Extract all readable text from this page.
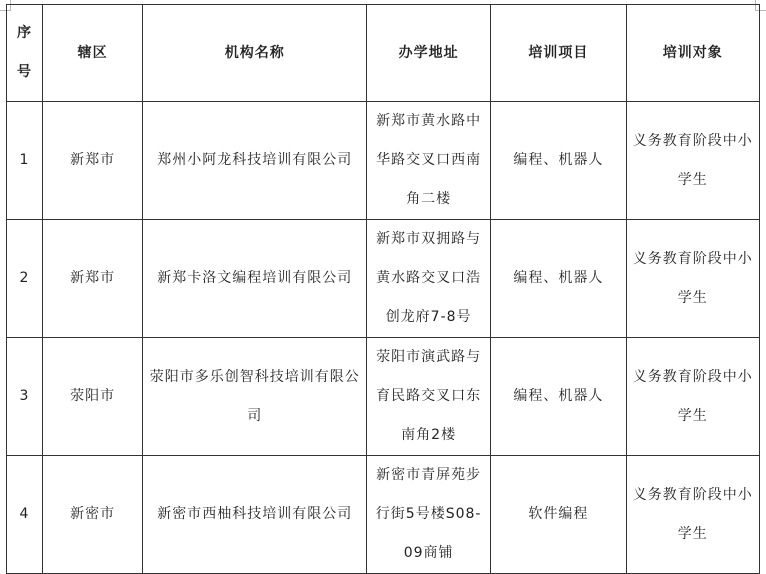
序号	辖区	机构名称	办学地址	培训项目	培训对象
1	新郑市	郑州小阿龙科技培训有限公司	新郑市黄水路中华路交叉口西南角二楼	编程、机器人	义务教育阶段中小学生
2	新郑市	新郑卡洛文编程培训有限公司	新郑市双拥路与黄水路交叉口浩创龙府7-8号	编程、机器人	义务教育阶段中小学生
3	荥阳市	荥阳市多乐创智科技培训有限公司	荥阳市演武路与育民路交叉口东南角2楼	编程、机器人	义务教育阶段中小学生
4	新密市	新密市西柚科技培训有限公司	新密市青屏苑步行街5号楼S08-09商铺	软件编程	义务教育阶段中小学生
